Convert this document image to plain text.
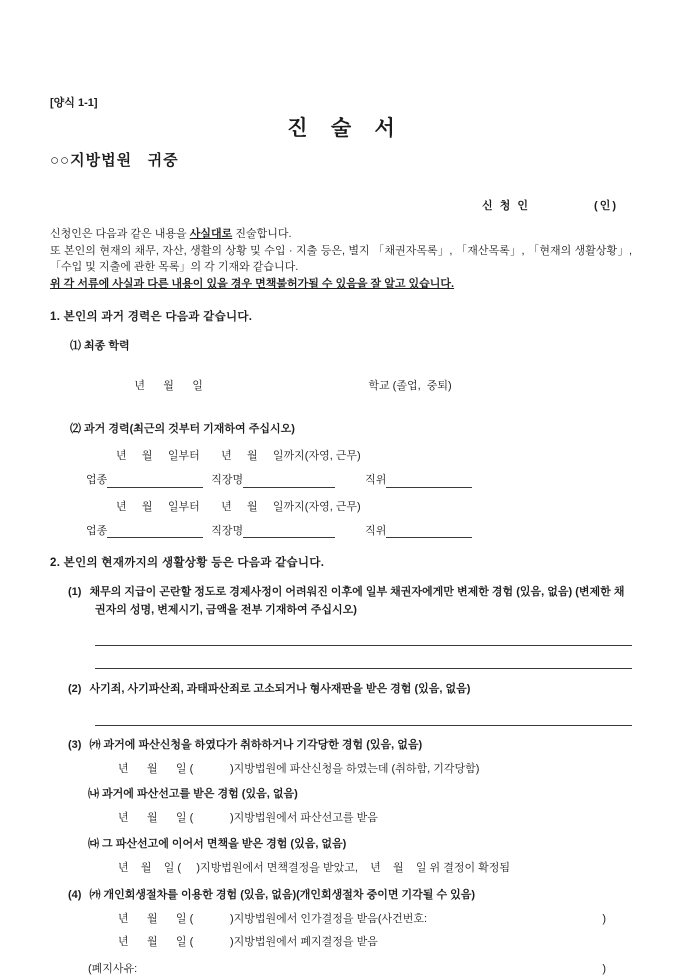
[양식 1-1]
진    술    서
○○지방법원   귀중
신 청 인	(인)

신청인은 다음과 같은 내용을 사실대로 진술합니다.
또 본인의 현재의 채무, 자산, 생활의 상황 및 수입 · 지출 등은, 별지 「채권자목록」, 「재산목록」, 「현재의 생활상황」, 「수입 및 지출에 관한 목록」의 각 기재와 같습니다.
위 각 서류에 사실과 다른 내용이 있을 경우 면책불허가될 수 있음을 잘 알고 있습니다.

1. 본인의 과거 경력은 다음과 같습니다.
⑴ 최종 학력

년      월      일	학교 (졸업,  중퇴)

⑵ 과거 경력(최근의 것부터 기재하여 주십시오)
년     월     일부터       년     월     일까지(자영, 근무)
업종	직장명	직위
년     월     일부터       년     월     일까지(자영, 근무)
업종	직장명	직위
2. 본인의 현재까지의 생활상황 등은 다음과 같습니다.

(1) 채무의 지급이 곤란할 정도로 경제사정이 어려워진 이후에 일부 채권자에게만 변제한 경험 (있음, 없음) (변제한 채권자의 성명, 변제시기, 금액을 전부 기재하여 주십시오)

(2) 사기죄, 사기파산죄, 과태파산죄로 고소되거나 형사재판을 받은 경험 (있음, 없음)

(3) ㈎ 과거에 파산신청을 하였다가 취하하거나 기각당한 경험 (있음, 없음)
년      월      일 (            )지방법원에 파산신청을 하였는데 (취하함, 기각당함)
㈏ 과거에 파산선고를 받은 경험 (있음, 없음)
년      월      일 (            )지방법원에서 파산선고를 받음
㈐ 그 파산선고에 이어서 면책을 받은 경험 (있음, 없음)
년    월    일 (     )지방법원에서 면책결정을 받았고,    년    월    일 위 결정이 확정됨
(4) ㈎ 개인회생절차를 이용한 경험 (있음, 없음)(개인회생절차 중이면 기각될 수 있음)
년      월      일 (            )지방법원에서 인가결정을 받음(사건번호:	)
년      월      일 (            )지방법원에서 폐지결정을 받음
(폐지사유:	)
